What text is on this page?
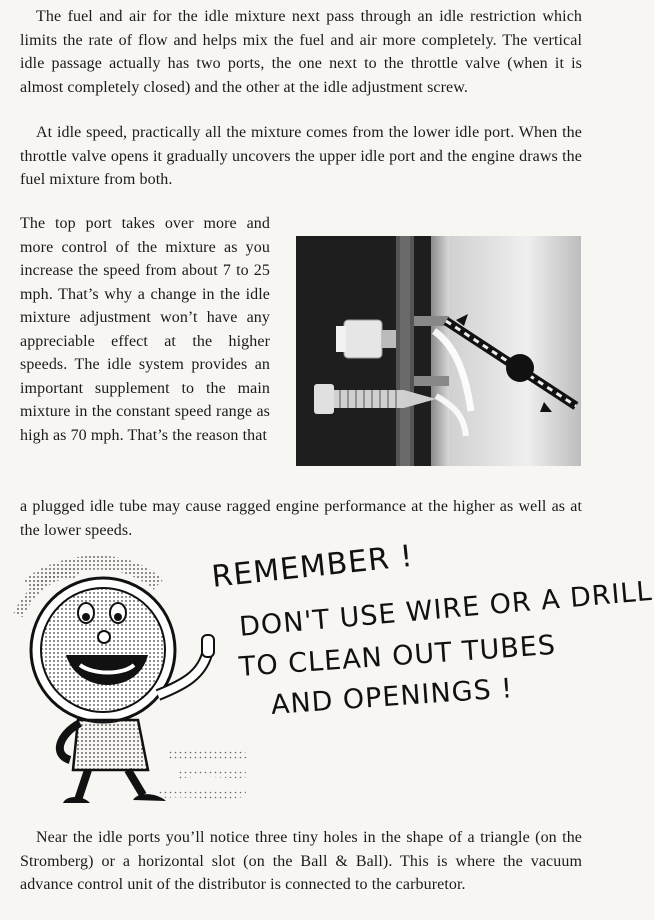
The fuel and air for the idle mixture next pass through an idle restriction which limits the rate of flow and helps mix the fuel and air more completely. The vertical idle passage actually has two ports, the one next to the throttle valve (when it is almost completely closed) and the other at the idle adjustment screw.

At idle speed, practically all the mixture comes from the lower idle port. When the throttle valve opens it gradually uncovers the upper idle port and the engine draws the fuel mixture from both.

The top port takes over more and more control of the mixture as you increase the speed from about 7 to 25 mph. That’s why a change in the idle mixture adjustment won’t have any appreciable effect at the higher speeds. The idle system provides an important supplement to the main mixture in the constant speed range as high as 70 mph. That’s the reason that

a plugged idle tube may cause ragged engine performance at the higher as well as at the lower speeds.

REMEMBER !
DON'T USE WIRE OR A DRILL
TO CLEAN OUT TUBES
AND OPENINGS !

Near the idle ports you’ll notice three tiny holes in the shape of a triangle (on the Stromberg) or a horizontal slot (on the Ball & Ball). This is where the vacuum advance control unit of the distributor is connected to the carburetor.
